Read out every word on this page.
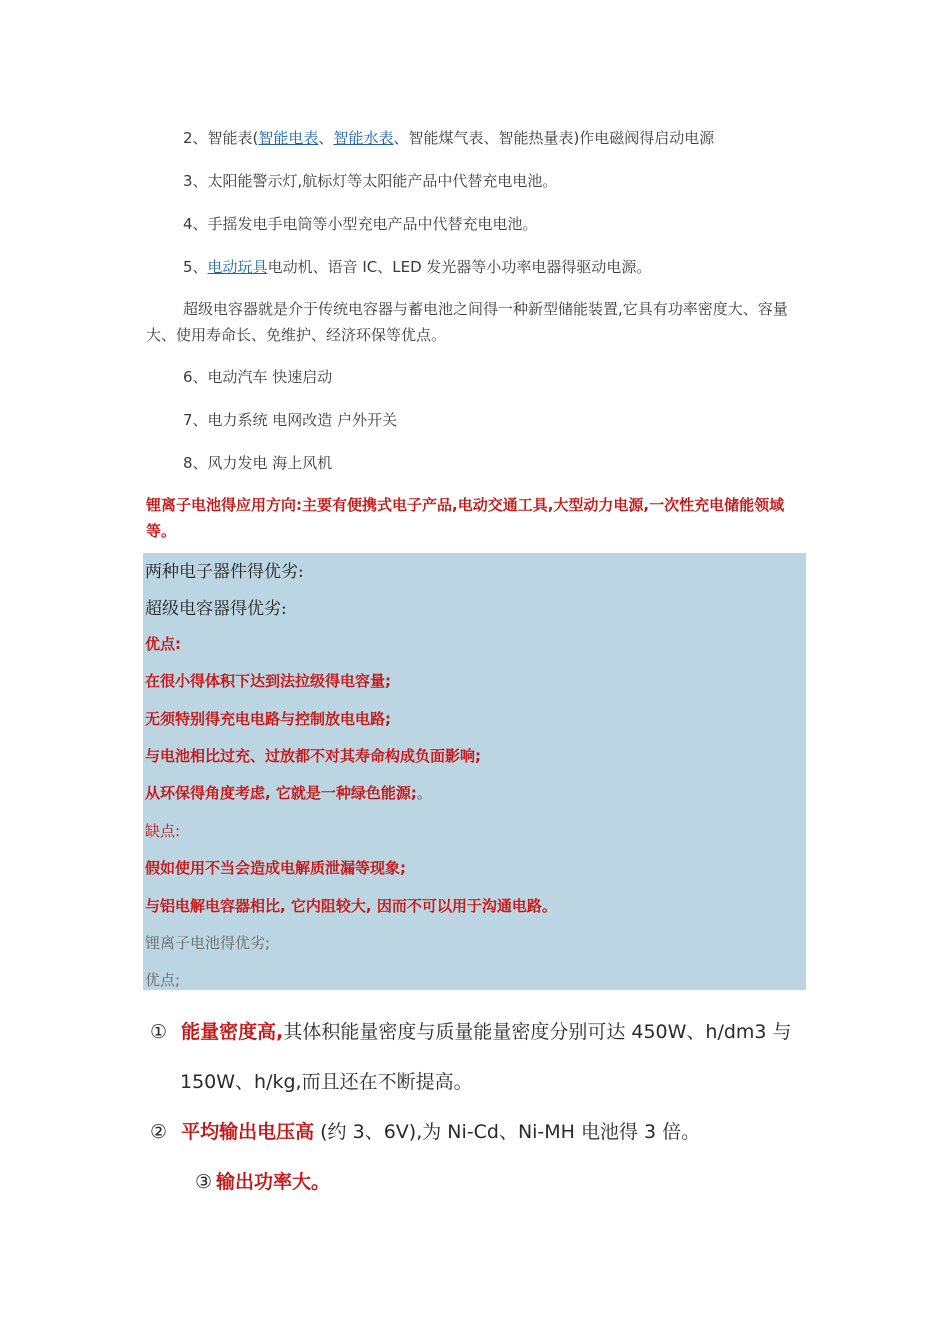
2、智能表(智能电表、智能水表、智能煤气表、智能热量表)作电磁阀得启动电源
3、太阳能警示灯,航标灯等太阳能产品中代替充电电池。
4、手摇发电手电筒等小型充电产品中代替充电电池。
5、电动玩具电动机、语音 IC、LED 发光器等小功率电器得驱动电源。
超级电容器就是介于传统电容器与蓄电池之间得一种新型储能装置,它具有功率密度大、容量大、使用寿命长、免维护、经济环保等优点。
6、电动汽车 快速启动
7、电力系统 电网改造 户外开关
8、风力发电 海上风机
锂离子电池得应用方向:主要有便携式电子产品,电动交通工具,大型动力电源,一次性充电储能领域等。
两种电子器件得优劣:
超级电容器得优劣:
优点:
在很小得体积下达到法拉级得电容量;
无须特别得充电电路与控制放电电路;
与电池相比过充、过放都不对其寿命构成负面影响;
从环保得角度考虑, 它就是一种绿色能源;。
缺点:
假如使用不当会造成电解质泄漏等现象;
与铝电解电容器相比, 它内阻较大, 因而不可以用于沟通电路。
锂离子电池得优劣;
优点;
① 能量密度高,其体积能量密度与质量能量密度分别可达 450W、h/dm3 与
150W、h/kg,而且还在不断提高。
② 平均输出电压高 (约 3、6V),为 Ni-Cd、Ni-MH 电池得 3 倍。
③ 输出功率大。
